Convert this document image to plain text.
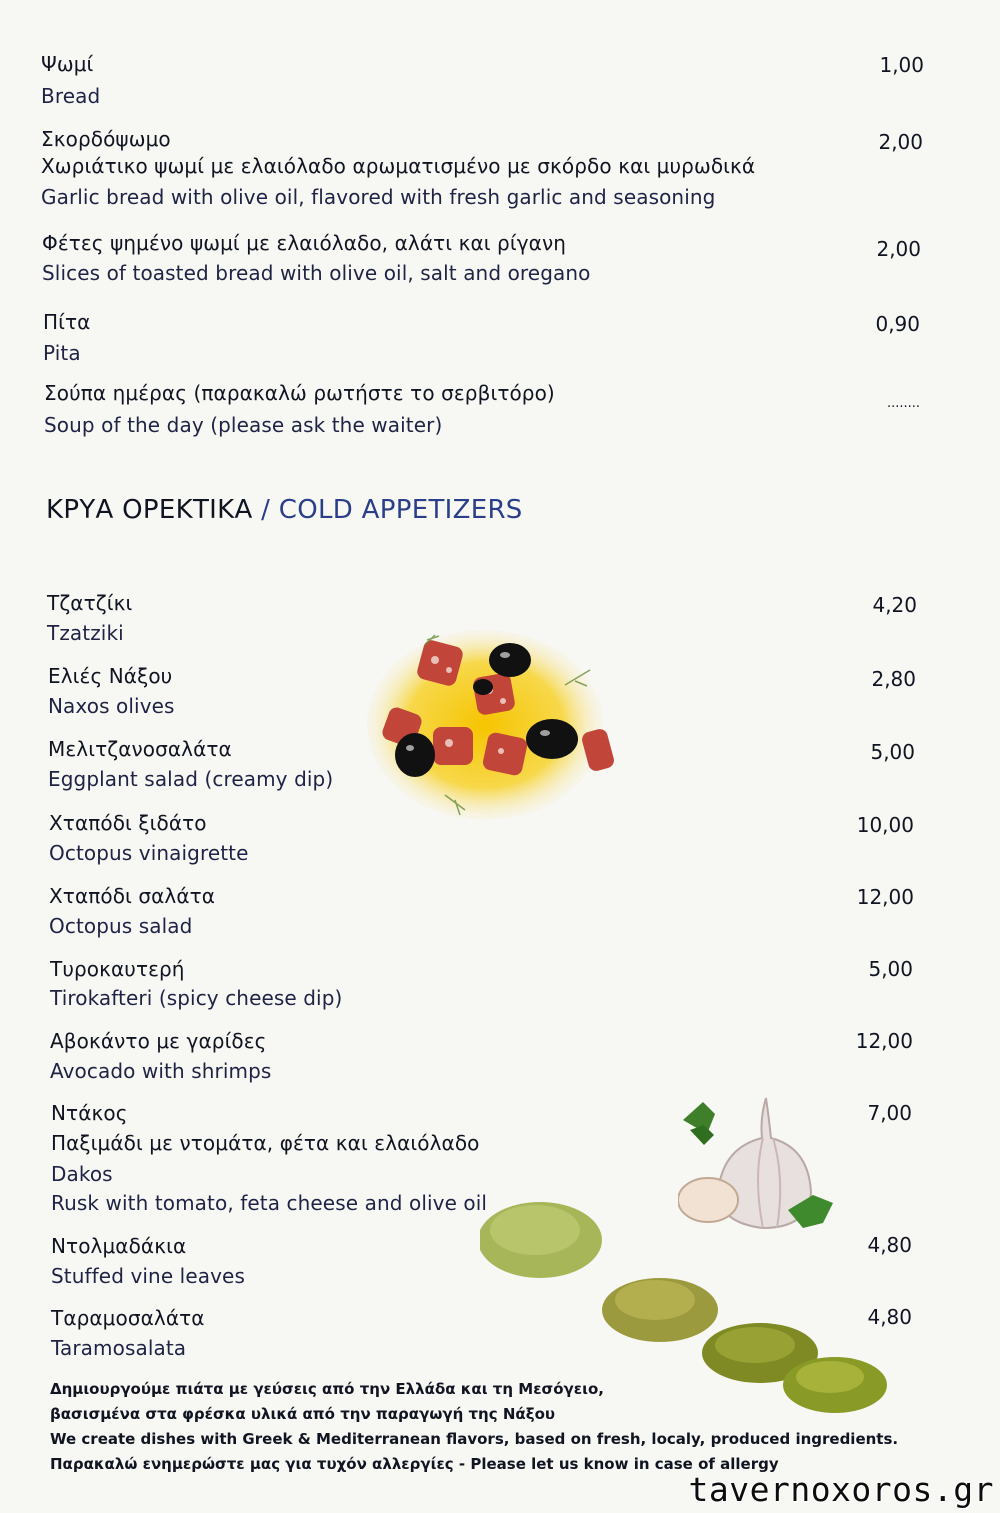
Ψωμί
Bread
1,00
Σκορδόψωμο
Χωριάτικο ψωμί με ελαιόλαδο αρωματισμένο με σκόρδο και μυρωδικά
Garlic bread with olive oil, flavored with fresh garlic and seasoning
2,00
Φέτες ψημένο ψωμί με ελαιόλαδο, αλάτι και ρίγανη
Slices of toasted bread with olive oil, salt and oregano
2,00
Πίτα
Pita
0,90
Σούπα ημέρας (παρακαλώ ρωτήστε το σερβιτόρο)
Soup of the day (please ask the waiter)
........
ΚΡΥΑ ΟΡΕΚΤΙΚΑ / COLD APPETIZERS
Τζατζίκι
Tzatziki
4,20
Ελιές Νάξου
Naxos olives
2,80
Μελιτζανοσαλάτα
Eggplant salad (creamy dip)
5,00
Χταπόδι ξιδάτο
Octopus vinaigrette
10,00
Χταπόδι σαλάτα
Octopus salad
12,00
Τυροκαυτερή
Tirokafteri (spicy cheese dip)
5,00
Αβοκάντο με γαρίδες
Avocado with shrimps
12,00
Ντάκος
Παξιμάδι με ντομάτα, φέτα και ελαιόλαδο
Dakos
Rusk with tomato, feta cheese and olive oil
7,00
Ντολμαδάκια
Stuffed vine leaves
4,80
Ταραμοσαλάτα
Taramosalata
4,80
Δημιουργούμε πιάτα με γεύσεις από την Ελλάδα και τη Μεσόγειο,
βασισμένα στα φρέσκα υλικά από την παραγωγή της Νάξου
We create dishes with Greek & Mediterranean flavors, based on fresh, localy, produced ingredients.
Παρακαλώ ενημερώστε μας για τυχόν αλλεργίες - Please let us know in case of allergy
tavernoxoros.gr
